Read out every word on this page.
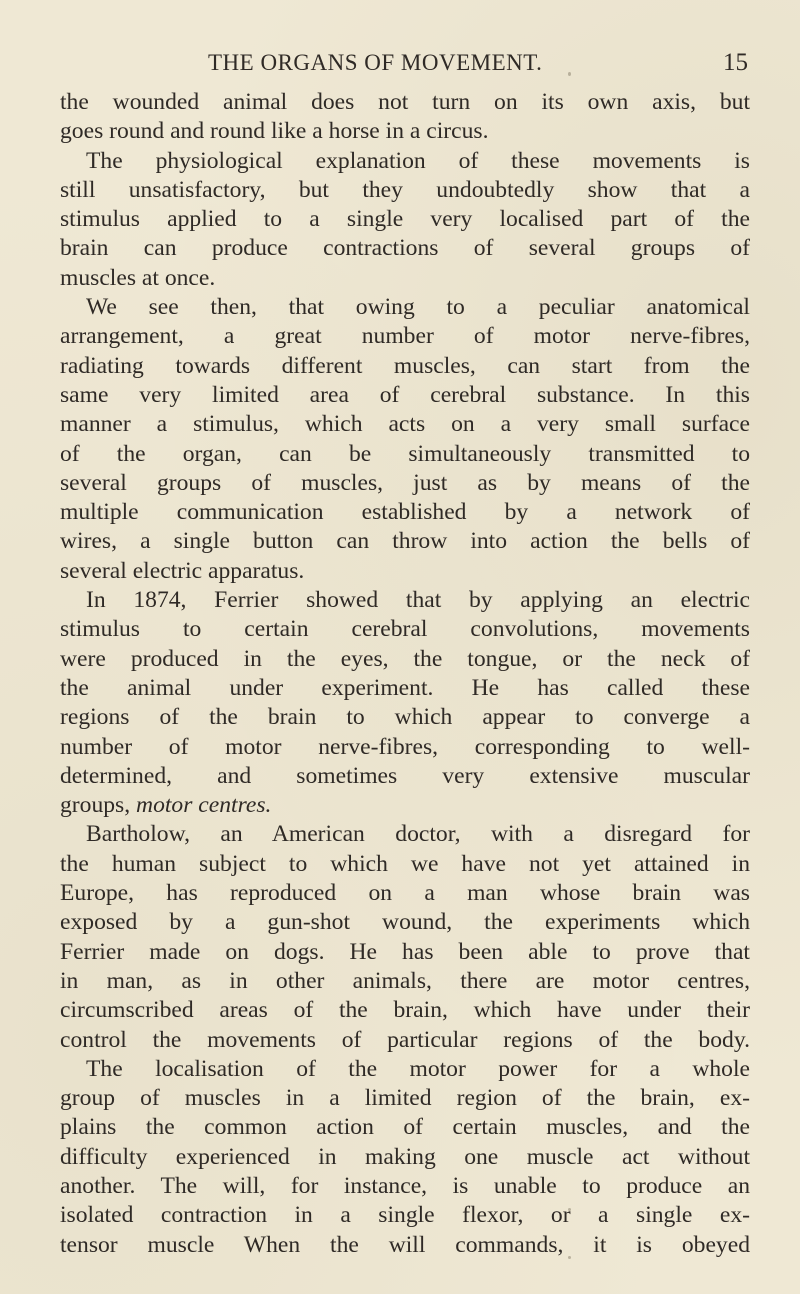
THE ORGANS OF MOVEMENT.	15
the wounded animal does not turn on its own axis, but
goes round and round like a horse in a circus.
The physiological explanation of these movements is
still unsatisfactory, but they undoubtedly show that a
stimulus applied to a single very localised part of the
brain can produce contractions of several groups of
muscles at once.
We see then, that owing to a peculiar anatomical
arrangement, a great number of motor nerve-fibres,
radiating towards different muscles, can start from the
same very limited area of cerebral substance. In this
manner a stimulus, which acts on a very small surface
of the organ, can be simultaneously transmitted to
several groups of muscles, just as by means of the
multiple communication established by a network of
wires, a single button can throw into action the bells of
several electric apparatus.
In 1874, Ferrier showed that by applying an electric
stimulus to certain cerebral convolutions, movements
were produced in the eyes, the tongue, or the neck of
the animal under experiment. He has called these
regions of the brain to which appear to converge a
number of motor nerve-fibres, corresponding to well-
determined, and sometimes very extensive muscular
groups, motor centres.
Bartholow, an American doctor, with a disregard for
the human subject to which we have not yet attained in
Europe, has reproduced on a man whose brain was
exposed by a gun-shot wound, the experiments which
Ferrier made on dogs. He has been able to prove that
in man, as in other animals, there are motor centres,
circumscribed areas of the brain, which have under their
control the movements of particular regions of the body.
The localisation of the motor power for a whole
group of muscles in a limited region of the brain, ex-
plains the common action of certain muscles, and the
difficulty experienced in making one muscle act without
another. The will, for instance, is unable to produce an
isolated contraction in a single flexor, or a single ex-
tensor muscle When the will commands, it is obeyed
